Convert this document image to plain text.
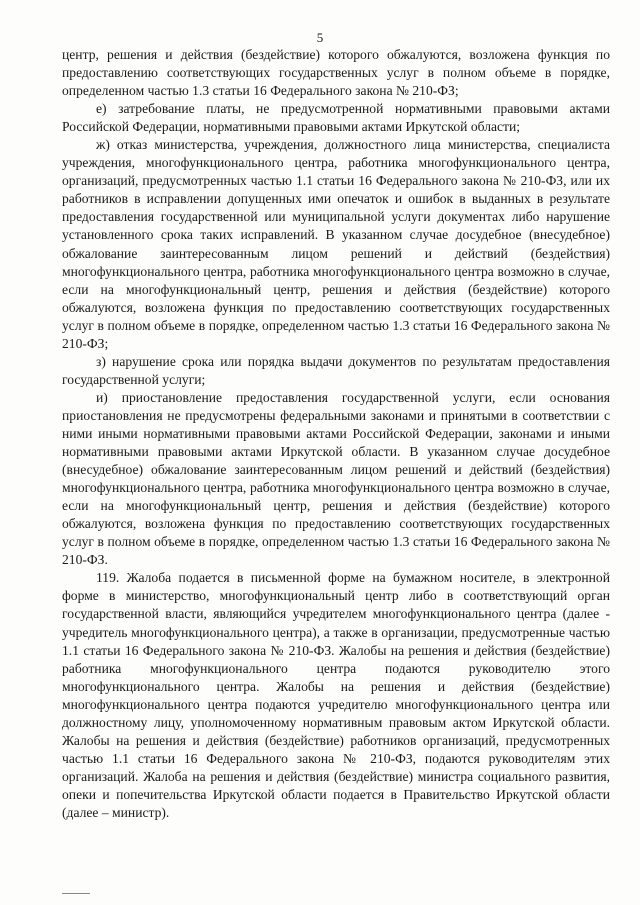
5

центр, решения и действия (бездействие) которого обжалуются, возложена функция по предоставлению соответствующих государственных услуг в полном объеме в порядке, определенном частью 1.3 статьи 16 Федерального закона № 210-ФЗ;

е) затребование платы, не предусмотренной нормативными правовыми актами Российской Федерации, нормативными правовыми актами Иркутской области;

ж) отказ министерства, учреждения, должностного лица министерства, специалиста учреждения, многофункционального центра, работника многофункционального центра, организаций, предусмотренных частью 1.1 статьи 16 Федерального закона № 210-ФЗ, или их работников в исправлении допущенных ими опечаток и ошибок в выданных в результате предоставления государственной или муниципальной услуги документах либо нарушение установленного срока таких исправлений. В указанном случае досудебное (внесудебное) обжалование заинтересованным лицом решений и действий (бездействия) многофункционального центра, работника многофункционального центра возможно в случае, если на многофункциональный центр, решения и действия (бездействие) которого обжалуются, возложена функция по предоставлению соответствующих государственных услуг в полном объеме в порядке, определенном частью 1.3 статьи 16 Федерального закона № 210-ФЗ;

з) нарушение срока или порядка выдачи документов по результатам предоставления государственной услуги;

и) приостановление предоставления государственной услуги, если основания приостановления не предусмотрены федеральными законами и принятыми в соответствии с ними иными нормативными правовыми актами Российской Федерации, законами и иными нормативными правовыми актами Иркутской области. В указанном случае досудебное (внесудебное) обжалование заинтересованным лицом решений и действий (бездействия) многофункционального центра, работника многофункционального центра возможно в случае, если на многофункциональный центр, решения и действия (бездействие) которого обжалуются, возложена функция по предоставлению соответствующих государственных услуг в полном объеме в порядке, определенном частью 1.3 статьи 16 Федерального закона № 210-ФЗ.

119. Жалоба подается в письменной форме на бумажном носителе, в электронной форме в министерство, многофункциональный центр либо в соответствующий орган государственной власти, являющийся учредителем многофункционального центра (далее - учредитель многофункционального центра), а также в организации, предусмотренные частью 1.1 статьи 16 Федерального закона № 210-ФЗ. Жалобы на решения и действия (бездействие) работника многофункционального центра подаются руководителю этого многофункционального центра. Жалобы на решения и действия (бездействие) многофункционального центра подаются учредителю многофункционального центра или должностному лицу, уполномоченному нормативным правовым актом Иркутской области. Жалобы на решения и действия (бездействие) работников организаций, предусмотренных частью 1.1 статьи 16 Федерального закона № 210-ФЗ, подаются руководителям этих организаций. Жалоба на решения и действия (бездействие) министра социального развития, опеки и попечительства Иркутской области подается в Правительство Иркутской области (далее – министр).
